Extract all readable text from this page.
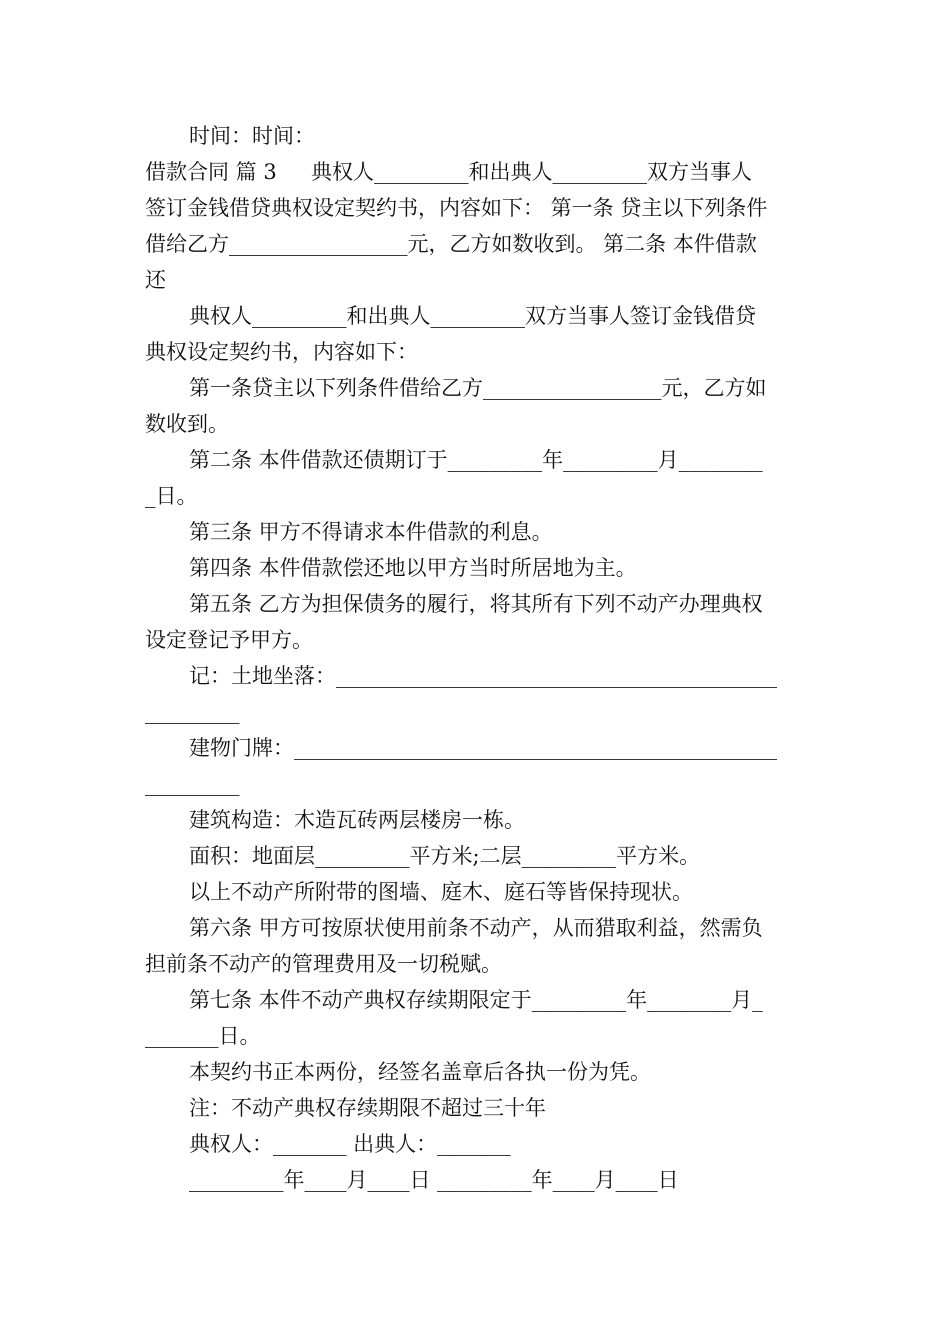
时间：时间：

借款合同 篇 3 典权人_________和出典人_________双方当事人

签订金钱借贷典权设定契约书，内容如下： 第一条 贷主以下列条件

借给乙方_________________元，乙方如数收到。 第二条 本件借款

还

典权人_________和出典人_________双方当事人签订金钱借贷

典权设定契约书，内容如下：

第一条贷主以下列条件借给乙方_________________元，乙方如

数收到。

第二条 本件借款还债期订于_________年_________月________

_日。

第三条 甲方不得请求本件借款的利息。

第四条 本件借款偿还地以甲方当时所居地为主。

第五条 乙方为担保债务的履行，将其所有下列不动产办理典权

设定登记予甲方。

记：土地坐落：__________________________________________

_________

建物门牌：______________________________________________

_________

建筑构造：木造瓦砖两层楼房一栋。

面积：地面层_________平方米;二层_________平方米。

以上不动产所附带的图墙、庭木、庭石等皆保持现状。

第六条 甲方可按原状使用前条不动产，从而猎取利益，然需负

担前条不动产的管理费用及一切税赋。

第七条 本件不动产典权存续期限定于_________年________月_

_______日。

本契约书正本两份，经签名盖章后各执一份为凭。

注：不动产典权存续期限不超过三十年

典权人：_______ 出典人：_______

_________年____月____日 _________年____月____日
